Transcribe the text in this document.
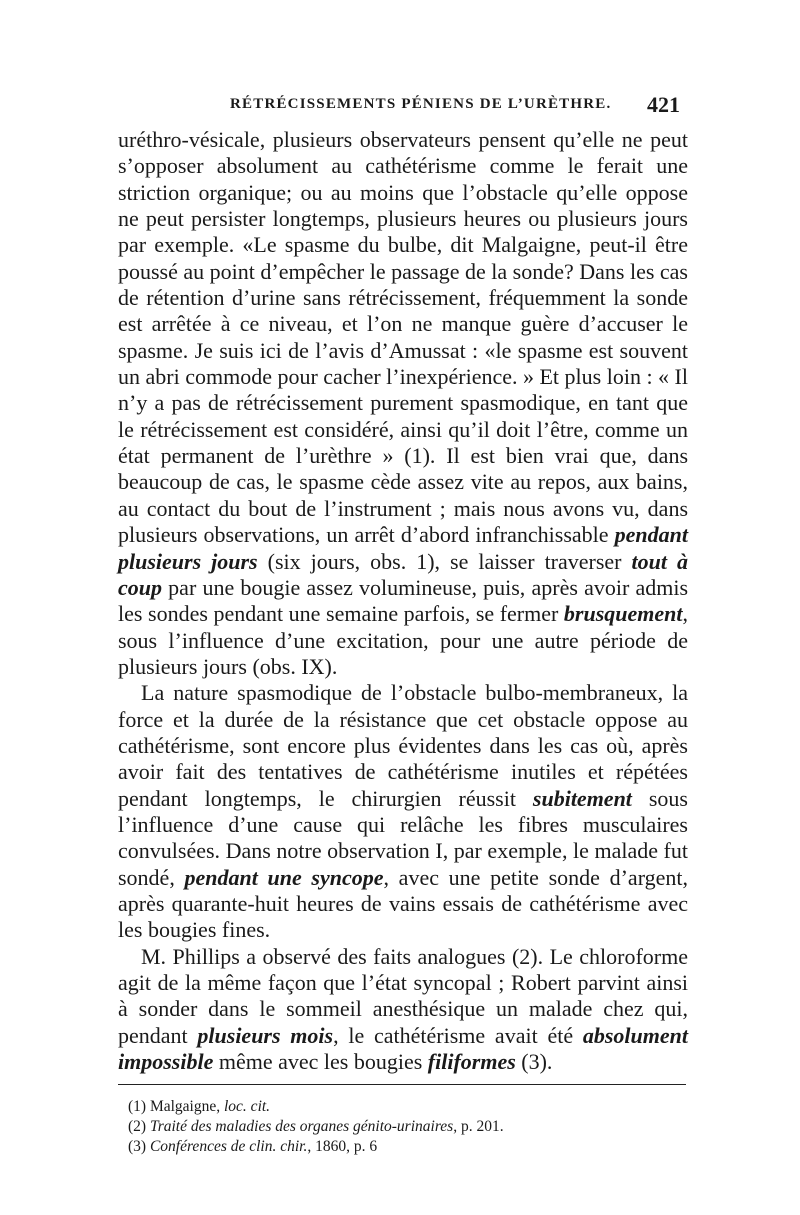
RÉTRÉCISSEMENTS PÉNIENS DE L’URÈTHRE. 421

uréthro-vésicale, plusieurs observateurs pensent qu’elle ne peut s’opposer absolument au cathétérisme comme le ferait une striction organique; ou au moins que l’obstacle qu’elle oppose ne peut persister longtemps, plusieurs heures ou plusieurs jours par exemple. «Le spasme du bulbe, dit Malgaigne, peut-il être poussé au point d’empêcher le passage de la sonde? Dans les cas de rétention d’urine sans rétrécissement, fréquemment la sonde est arrêtée à ce niveau, et l’on ne manque guère d’accuser le spasme. Je suis ici de l’avis d’Amussat : «le spasme est souvent un abri commode pour cacher l’inexpérience. » Et plus loin : « Il n’y a pas de rétrécissement purement spasmodique, en tant que le rétrécissement est considéré, ainsi qu’il doit l’être, comme un état permanent de l’urèthre » (1). Il est bien vrai que, dans beaucoup de cas, le spasme cède assez vite au repos, aux bains, au contact du bout de l’instrument ; mais nous avons vu, dans plusieurs observations, un arrêt d’abord infranchissable pendant plusieurs jours (six jours, obs. 1), se laisser traverser tout à coup par une bougie assez volumineuse, puis, après avoir admis les sondes pendant une semaine parfois, se fermer brusquement, sous l’influence d’une excitation, pour une autre période de plusieurs jours (obs. IX).

La nature spasmodique de l’obstacle bulbo-membraneux, la force et la durée de la résistance que cet obstacle oppose au cathétérisme, sont encore plus évidentes dans les cas où, après avoir fait des tentatives de cathétérisme inutiles et répétées pendant longtemps, le chirurgien réussit subitement sous l’influence d’une cause qui relâche les fibres musculaires convulsées. Dans notre observation I, par exemple, le malade fut sondé, pendant une syncope, avec une petite sonde d’argent, après quarante-huit heures de vains essais de cathétérisme avec les bougies fines.

M. Phillips a observé des faits analogues (2). Le chloroforme agit de la même façon que l’état syncopal ; Robert parvint ainsi à sonder dans le sommeil anesthésique un malade chez qui, pendant plusieurs mois, le cathétérisme avait été absolument impossible même avec les bougies filiformes (3).

(1) Malgaigne, loc. cit.
(2) Traité des maladies des organes génito-urinaires, p. 201.
(3) Conférences de clin. chir., 1860, p. 6
